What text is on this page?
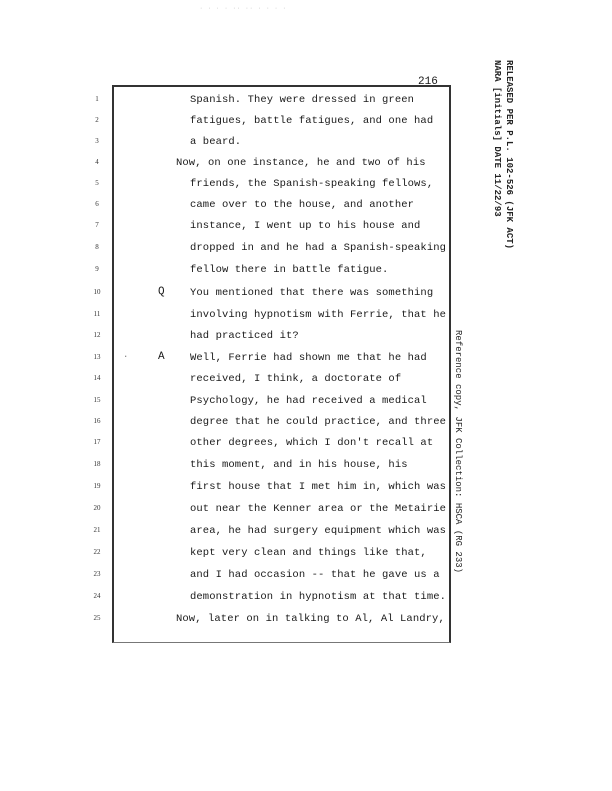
· · · · ·· ·· · · · ·
216
·
RELEASED PER P.L. 102-526 (JFK ACT)
NARA [initials] DATE 11/22/93
Reference copy, JFK Collection: HSCA (RG 233)
1	Spanish. They were dressed in green
2	fatigues, battle fatigues, and one had
3	a beard.
4	Now, on one instance, he and two of his
5	friends, the Spanish-speaking fellows,
6	came over to the house, and another
7	instance, I went up to his house and
8	dropped in and he had a Spanish-speaking
9	fellow there in battle fatigue.
10	Q You mentioned that there was something
11	involving hypnotism with Ferrie, that he
12	had practiced it?
13	A Well, Ferrie had shown me that he had
14	received, I think, a doctorate of
15	Psychology, he had received a medical
16	degree that he could practice, and three
17	other degrees, which I don't recall at
18	this moment, and in his house, his
19	first house that I met him in, which was
20	out near the Kenner area or the Metairie
21	area, he had surgery equipment which was
22	kept very clean and things like that,
23	and I had occasion -- that he gave us a
24	demonstration in hypnotism at that time.
25	Now, later on in talking to Al, Al Landry,
